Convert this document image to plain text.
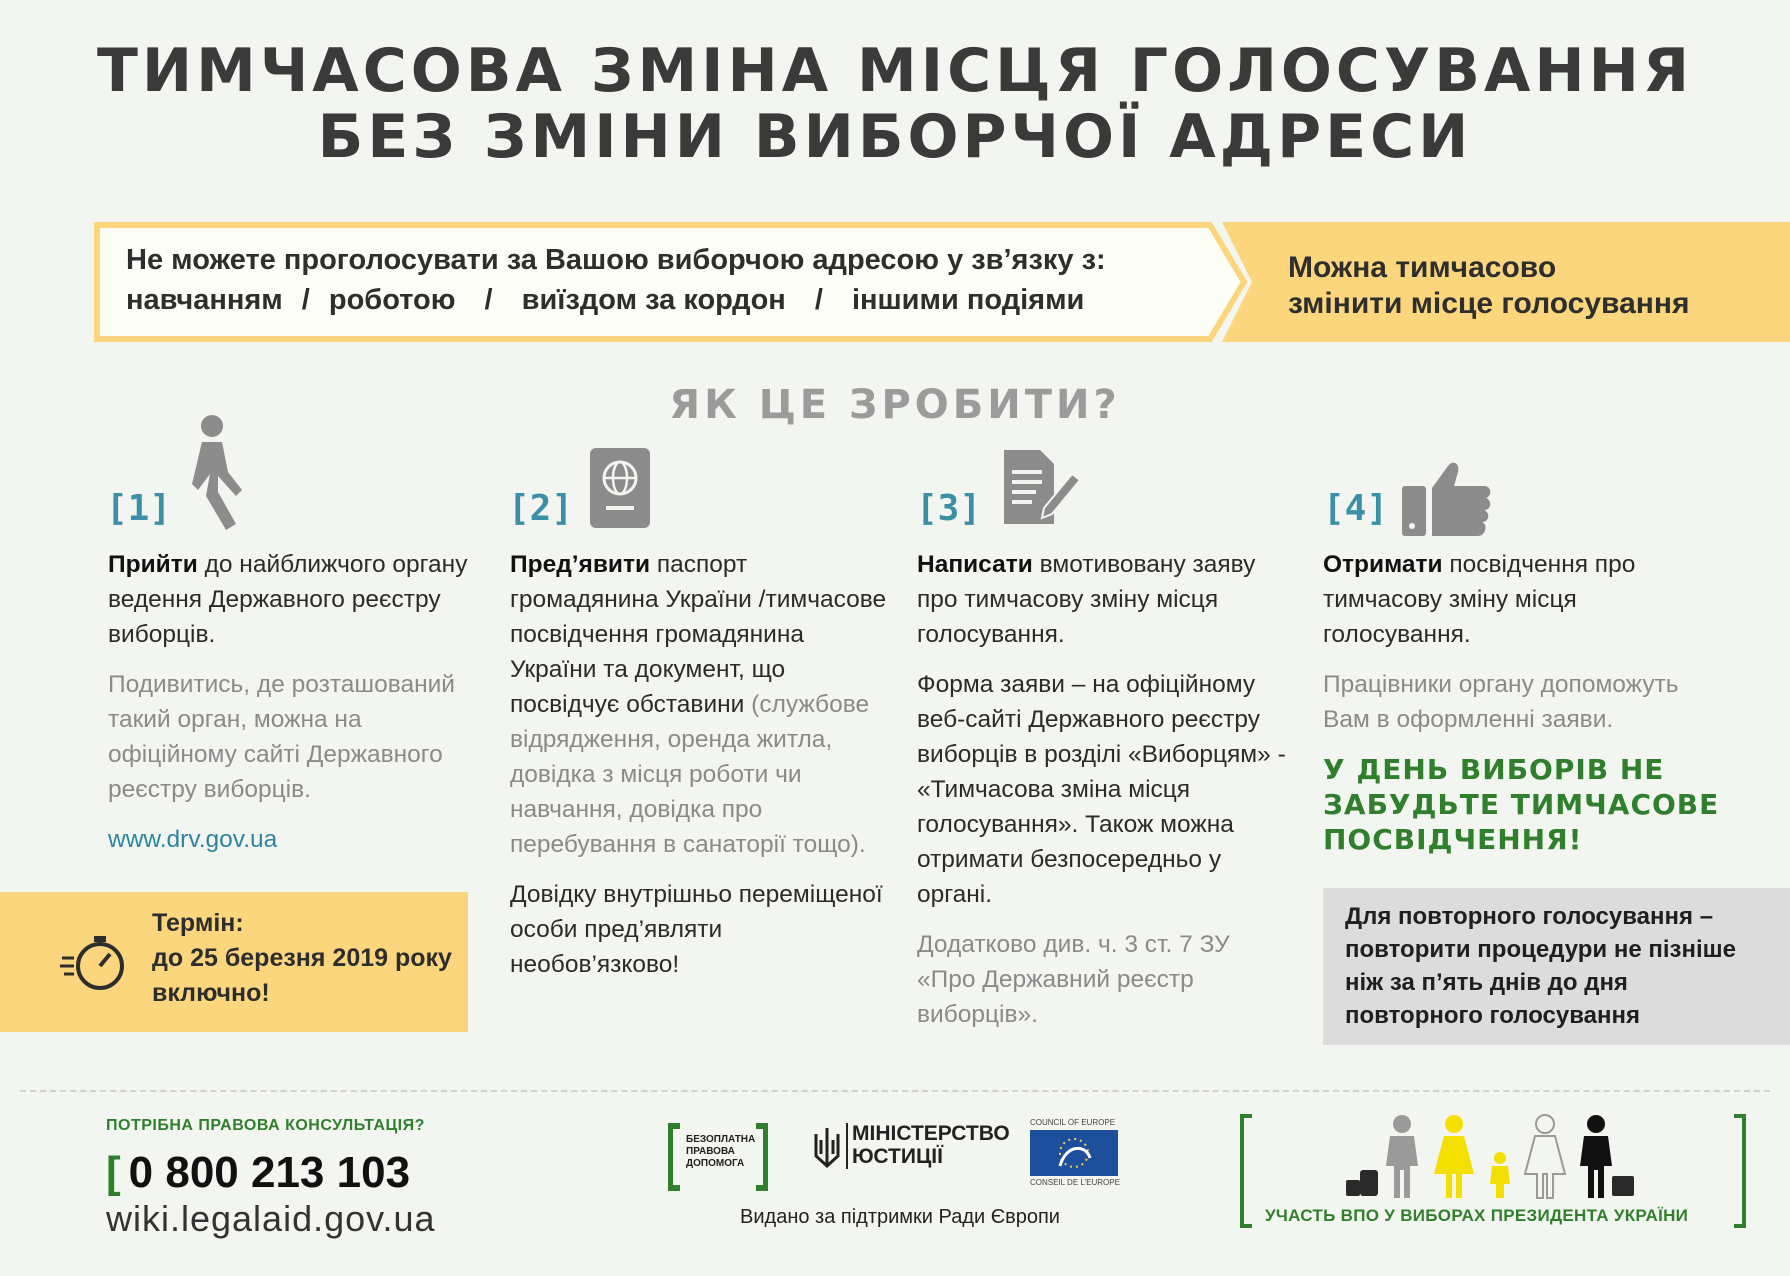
ТИМЧАСОВА ЗМІНА МІСЦЯ ГОЛОСУВАННЯ
БЕЗ ЗМІНИ ВИБОРЧОЇ АДРЕСИ
Не можете проголосувати за Вашою виборчою адресою у зв’язку з:
навчанням / роботою / виїздом за кордон / іншими подіями
Можна тимчасово
змінити місце голосування
ЯК ЦЕ ЗРОБИТИ?
[1]	[2]	[3]	[4]

Прийти до найближчого органу ведення Державного реєстру виборців.

Подивитись, де розташований такий орган, можна на офіційному сайті Державного реєстру виборців.

www.drv.gov.ua

Пред’явити паспорт громадянина України /тимчасове посвідчення громадянина України та документ, що посвідчує обставини (службове відрядження, оренда житла, довідка з місця роботи чи навчання, довідка про перебування в санаторії тощо).

Довідку внутрішньо переміщеної особи пред’являти необов’язково!

Написати вмотивовану заяву про тимчасову зміну місця голосування.

Форма заяви – на офіційному веб-сайті Державного реєстру виборців в розділі «Виборцям» - «Тимчасова зміна місця голосування». Також можна отримати безпосередньо у органі.

Додатково див. ч. 3 ст. 7 ЗУ «Про Державний реєстр виборців».

Отримати посвідчення про тимчасову зміну місця голосування.

Працівники органу допоможуть Вам в оформленні заяви.

У ДЕНЬ ВИБОРІВ НЕ ЗАБУДЬТЕ ТИМЧАСОВЕ ПОСВІДЧЕННЯ!

Термін:
до 25 березня 2019 року
включно!
Для повторного голосування – повторити процедури не пізніше ніж за п’ять днів до дня повторного голосування
ПОТРІБНА ПРАВОВА КОНСУЛЬТАЦІЯ?
[ 0 800 213 103
wiki.legalaid.gov.ua
БЕЗОПЛАТНА ПРАВОВА ДОПОМОГА
МІНІСТЕРСТВО ЮСТИЦІЇ
COUNCIL OF EUROPE
CONSEIL DE L’EUROPE
Видано за підтримки Ради Європи	УЧАСТЬ ВПО У ВИБОРАХ ПРЕЗИДЕНТА УКРАЇНИ
